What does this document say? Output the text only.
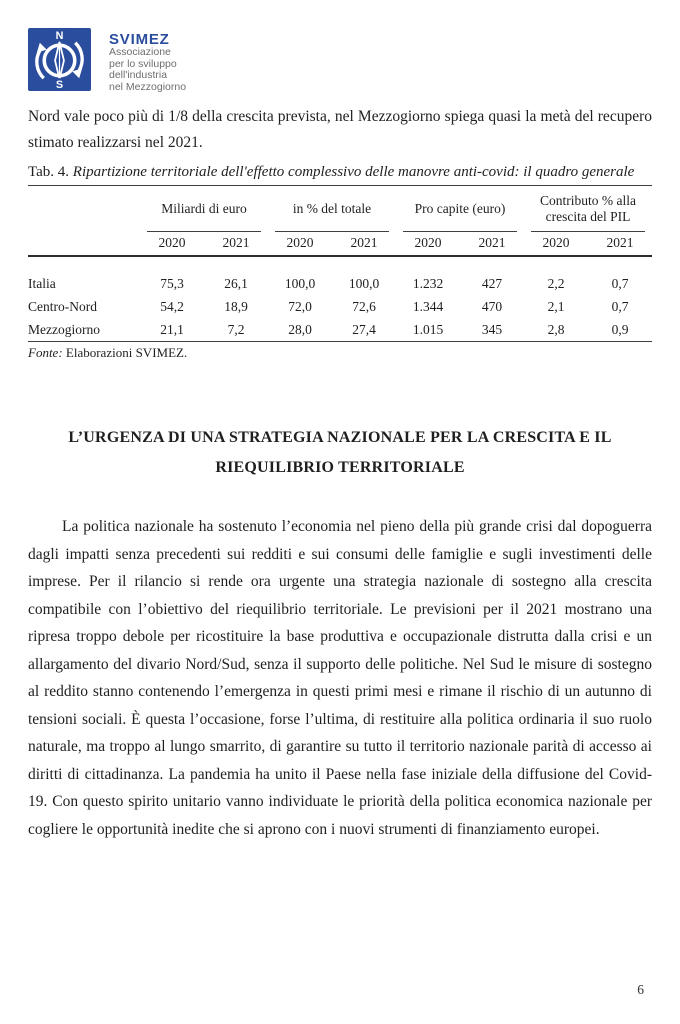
N
S
SVIMEZ
Associazione
per lo sviluppo
dell'industria
nel Mezzogiorno
Nord vale poco più di 1/8 della crescita prevista, nel Mezzogiorno spiega quasi la metà del recupero stimato realizzarsi nel 2021.
Tab. 4. Ripartizione territoriale dell'effetto complessivo delle manovre anti-covid: il quadro generale
Miliardi di euro	in % del totale	Pro capite (euro)
Contributo % alla crescita del PIL
2020	2021	2020	2021	2020	2021	2020	2021
Italia	75,3	26,1	100,0	100,0	1.232	427	2,2	0,7
Centro-Nord	54,2	18,9	72,0	72,6	1.344	470	2,1	0,7
Mezzogiorno	21,1	7,2	28,0	27,4	1.015	345	2,8	0,9
Fonte: Elaborazioni SVIMEZ.
L’URGENZA DI UNA STRATEGIA NAZIONALE PER LA CRESCITA E IL
RIEQUILIBRIO TERRITORIALE
La politica nazionale ha sostenuto l’economia nel pieno della più grande crisi dal dopoguerra dagli impatti senza precedenti sui redditi e sui consumi delle famiglie e sugli investimenti delle imprese. Per il rilancio si rende ora urgente una strategia nazionale di sostegno alla crescita compatibile con l’obiettivo del riequilibrio territoriale. Le previsioni per il 2021 mostrano una ripresa troppo debole per ricostituire la base produttiva e occupazionale distrutta dalla crisi e un allargamento del divario Nord/Sud, senza il supporto delle politiche. Nel Sud le misure di sostegno al reddito stanno contenendo l’emergenza in questi primi mesi e rimane il rischio di un autunno di tensioni sociali. È questa l’occasione, forse l’ultima, di restituire alla politica ordinaria il suo ruolo naturale, ma troppo al lungo smarrito, di garantire su tutto il territorio nazionale parità di accesso ai diritti di cittadinanza. La pandemia ha unito il Paese nella fase iniziale della diffusione del Covid-19. Con questo spirito unitario vanno individuate le priorità della politica economica nazionale per cogliere le opportunità inedite che si aprono con i nuovi strumenti di finanziamento europei.
6
